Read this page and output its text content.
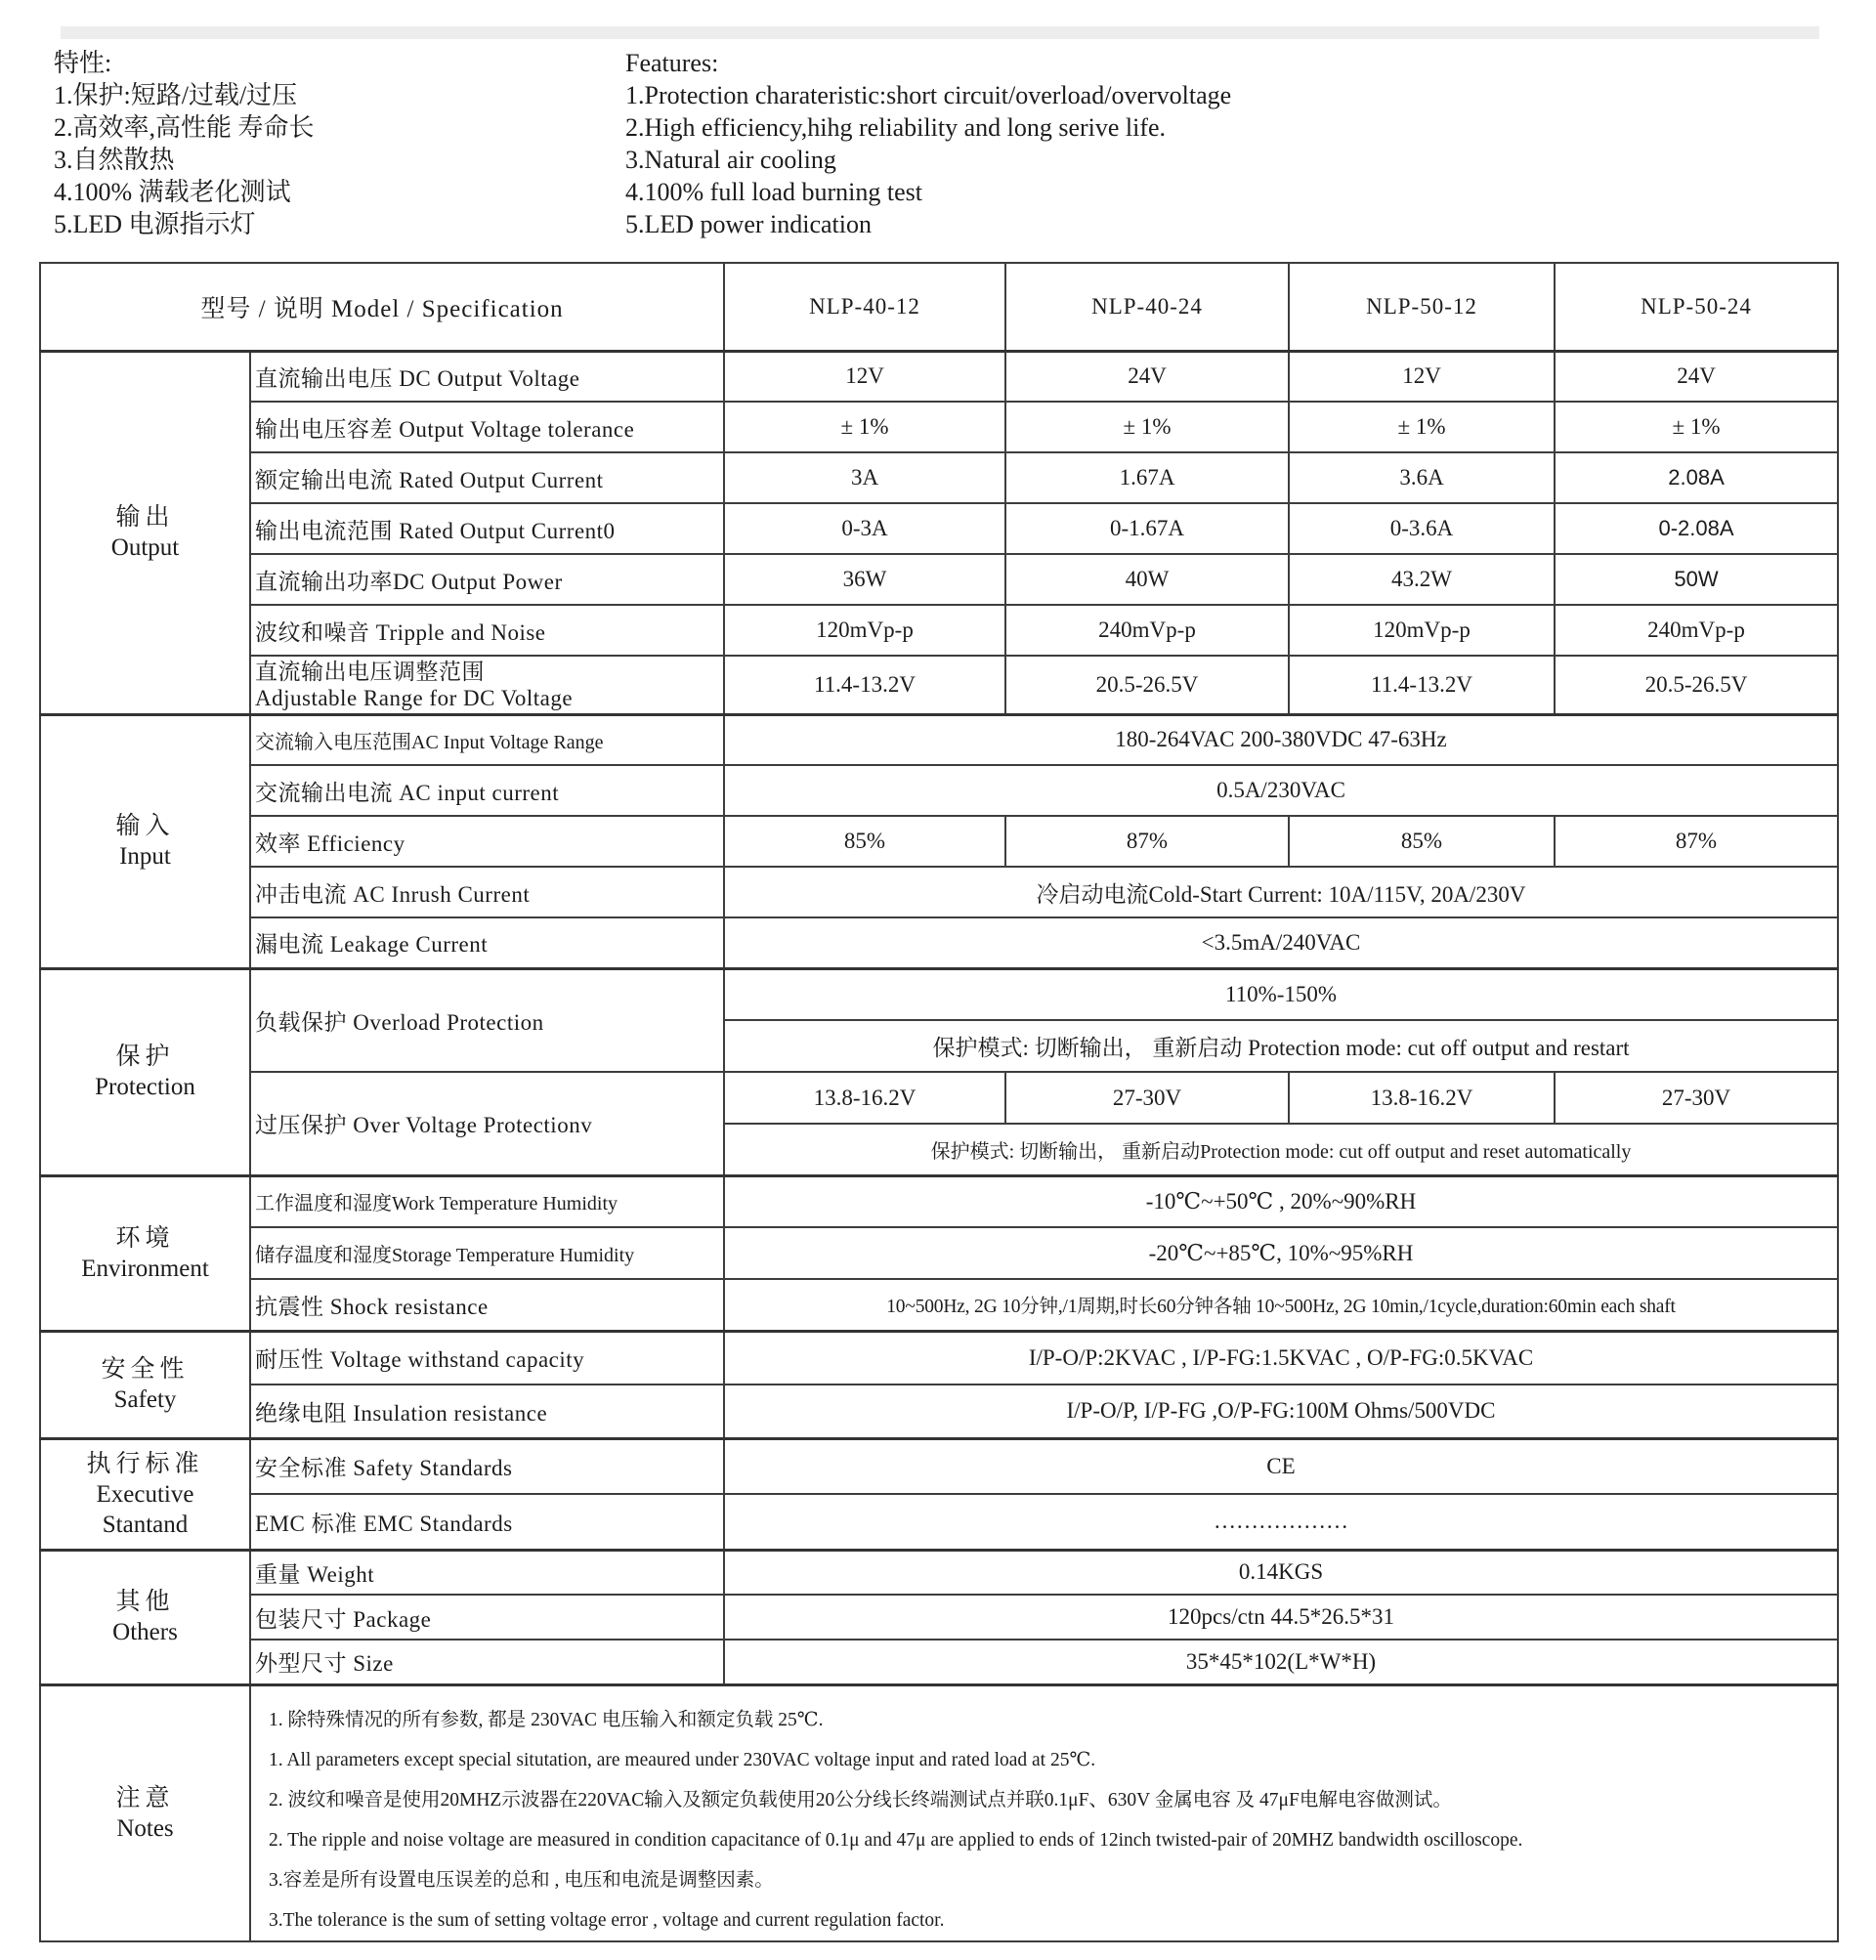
特性:
1.保护:短路/过载/过压
2.高效率,高性能 寿命长
3.自然散热
4.100% 满载老化测试
5.LED 电源指示灯
Features:
1.Protection charateristic:short circuit/overload/overvoltage
2.High efficiency,hihg reliability and long serive life.
3.Natural air cooling
4.100% full load burning test
5.LED power indication
型号 / 说明 Model / Specification		NLP-40-12	NLP-40-24	NLP-50-12	NLP-50-24

输出
Output	直流输出电压 DC Output Voltage	12V	24V	12V	24V
	输出电压容差 Output Voltage tolerance	± 1%	± 1%	± 1%	± 1%
	额定输出电流 Rated Output Current	3A	1.67A	3.6A	2.08A
	输出电流范围 Rated Output Current0	0-3A	0-1.67A	0-3.6A	0-2.08A
	直流输出功率DC Output Power	36W	40W	43.2W	50W
	波纹和噪音 Tripple and Noise	120mVp-p	240mVp-p	120mVp-p	240mVp-p

	直流输出电压调整范围
Adjustable Range for DC Voltage	11.4-13.2V	20.5-26.5V	11.4-13.2V	20.5-26.5V

输入
Input	交流输入电压范围AC Input Voltage Range	180-264VAC 200-380VDC 47-63Hz			
	交流输出电流 AC input current	0.5A/230VAC			
	效率 Efficiency	85%	87%	85%	87%
	冲击电流 AC Inrush Current	冷启动电流Cold-Start Current: 10A/115V, 20A/230V			
	漏电流 Leakage Current	<3.5mA/240VAC			

保护
Protection	负载保护 Overload Protection	110%-150%			
		保护模式: 切断输出， 重新启动 Protection mode: cut off output and restart			
	过压保护 Over Voltage Protectionv	13.8-16.2V	27-30V	13.8-16.2V	27-30V
		保护模式: 切断输出， 重新启动Protection mode: cut off output and reset automatically			

环境
Environment	工作温度和湿度Work Temperature Humidity	-10℃~+50℃ , 20%~90%RH			
	储存温度和湿度Storage Temperature Humidity	-20℃~+85℃, 10%~95%RH			
	抗震性 Shock resistance	10~500Hz, 2G 10分钟,/1周期,时长60分钟各轴 10~500Hz, 2G 10min,/1cycle,duration:60min each shaft			

安全性
Safety	耐压性 Voltage withstand capacity	I/P-O/P:2KVAC , I/P-FG:1.5KVAC , O/P-FG:0.5KVAC			
	绝缘电阻 Insulation resistance	I/P-O/P, I/P-FG ,O/P-FG:100M Ohms/500VDC			

执行标准
Executive
Stantand	安全标准 Safety Standards	CE			
	EMC 标准 EMC Standards	………………			

其他
Others	重量 Weight	0.14KGS			
	包装尺寸 Package	120pcs/ctn 44.5*26.5*31			
	外型尺寸 Size	35*45*102(L*W*H)			

注意
Notes

1. 除特殊情况的所有参数, 都是 230VAC 电压输入和额定负载 25℃.
1. All parameters except special situtation, are meaured under 230VAC voltage input and rated load at 25℃.
2. 波纹和噪音是使用20MHZ示波器在220VAC输入及额定负载使用20公分线长终端测试点并联0.1μF、630V 金属电容 及 47μF电解电容做测试。
2. The ripple and noise voltage are measured in condition capacitance of 0.1μ and 47μ are applied to ends of 12inch twisted-pair of 20MHZ bandwidth oscilloscope.
3.容差是所有设置电压误差的总和 , 电压和电流是调整因素。
3.The tolerance is the sum of setting voltage error , voltage and current regulation factor.
